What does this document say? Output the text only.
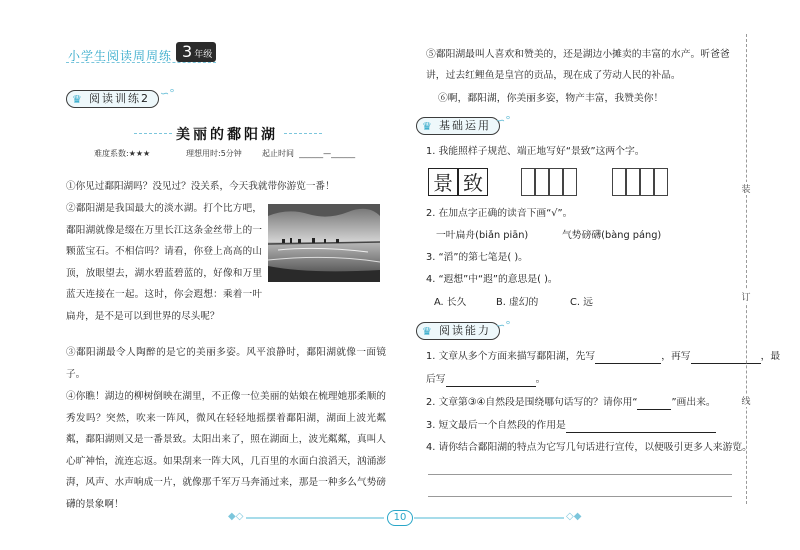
小学生阅读周周练 3 年级
♛ 阅读训练2 ∽°
美丽的鄱阳湖
难度系数:★★★	理想用时:5分钟	起止时间 ______—______
①你见过鄱阳湖吗？没见过？没关系，今天我就带你游览一番！
②鄱阳湖是我国最大的淡水湖。打个比方吧，鄱阳湖就像是缀在万里长江这条金丝带上的一颗蓝宝石。不相信吗？请看，你登上高高的山顶，放眼望去，湖水碧蓝碧蓝的，好像和万里蓝天连接在一起。这时，你会遐想：乘着一叶扁舟，是不是可以到世界的尽头呢？
③鄱阳湖最令人陶醉的是它的美丽多姿。风平浪静时，鄱阳湖就像一面镜子。
④你瞧！湖边的柳树倒映在湖里，不正像一位美丽的姑娘在梳理她那柔顺的秀发吗？突然，吹来一阵风，微风在轻轻地摇摆着鄱阳湖，湖面上波光粼粼，鄱阳湖则又是一番景致。太阳出来了，照在湖面上，波光粼粼，真叫人心旷神怡，流连忘返。如果刮来一阵大风，几百里的水面白浪滔天，汹涌澎湃，风声、水声响成一片，就像那千军万马奔涌过来，那是一种多么气势磅礴的景象啊！
⑤鄱阳湖最叫人喜欢和赞美的，还是湖边小摊卖的丰富的水产。听爸爸讲，过去红鲤鱼是皇宫的贡品，现在成了劳动人民的补品。
⑥啊，鄱阳湖，你美丽多姿，物产丰富，我赞美你！
♛ 基础运用 ∽°
1. 我能照样子规范、端正地写好“景致”这两个字。
景 致
2. 在加点字正确的读音下画“√”。
一叶扁舟(biǎn piān)	气势磅礴(bàng páng)
3. “滔”的第七笔是( )。
4. “遐想”中“遐”的意思是( )。
A. 长久	B. 虚幻的	C. 远
♛ 阅读能力 ∽°
1. 文章从多个方面来描写鄱阳湖，先写	，再写	，最
后写	。
2. 文章第③④自然段是围绕哪句话写的？请你用“	”画出来。
3. 短文最后一个自然段的作用是
4. 请你结合鄱阳湖的特点为它写几句话进行宣传，以便吸引更多人来游览。
装
订
线
◆◇	10	◇◆
